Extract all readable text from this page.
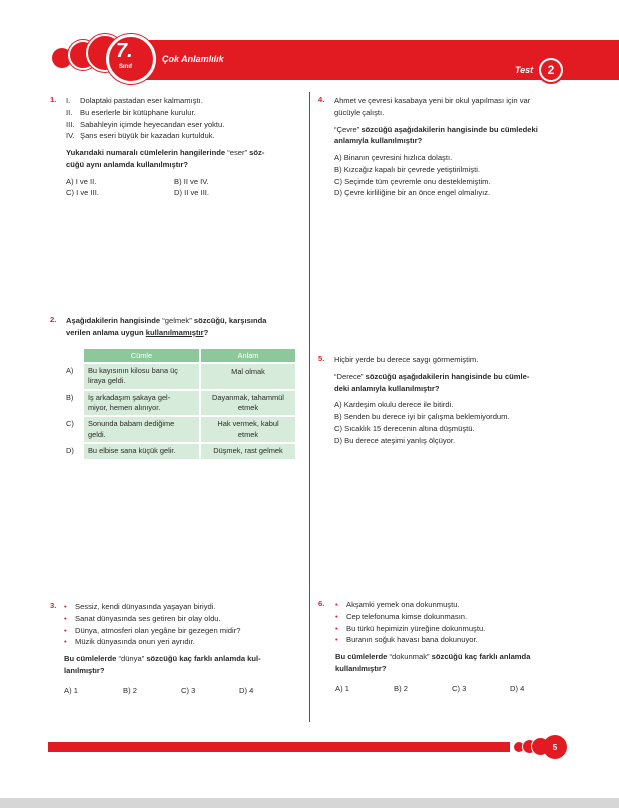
7.
Sınıf
Çok Anlamlılık
Test	2
1. I. Dolaptaki pastadan eser kalmamıştı.
II. Bu eserlerle bir kütüphane kurulur.
III. Sabahleyin içimde heyecandan eser yoktu.
IV. Şans eseri büyük bir kazadan kurtulduk.
Yukarıdaki numaralı cümlelerin hangilerinde “eser” söz-
cüğü aynı anlamda kullanılmıştır?
A) I ve II.	B) II ve IV.
C) I ve III.	D) II ve III.
2. Aşağıdakilerin hangisinde “gelmek” sözcüğü, karşısında
verilen anlama uygun kullanılmamıştır?
	Cümle	Anlam
A)	Bu kayısının kilosu bana üç
liraya geldi.	Mal olmak

B)	İş arkadaşım şakaya gel-
miyor, hemen alınıyor.	Dayanmak, tahammül
etmek

C)	Sonunda babam dediğime
geldi.	Hak vermek, kabul
etmek

D)	Bu elbise sana küçük gelir.	Düşmek, rast gelmek
3. • Sessiz, kendi dünyasında yaşayan biriydi.
• Sanat dünyasında ses getiren bir olay oldu.
• Dünya, atmosferi olan yegâne bir gezegen midir?
• Müzik dünyasında onun yeri ayrıdır.
Bu cümlelerde “dünya” sözcüğü kaç farklı anlamda kul-
lanılmıştır?
A) 1	B) 2	C) 3	D) 4
4. Ahmet ve çevresi kasabaya yeni bir okul yapılması için var
gücüyle çalıştı.
“Çevre” sözcüğü aşağıdakilerin hangisinde bu cümledeki
anlamıyla kullanılmıştır?
A) Binanın çevresini hızlıca dolaştı.
B) Kızcağız kapalı bir çevrede yetiştirilmişti.
C) Seçimde tüm çevremle onu desteklemiştim.
D) Çevre kirliliğine bir an önce engel olmalıyız.
5. Hiçbir yerde bu derece saygı görmemiştim.
“Derece” sözcüğü aşağıdakilerin hangisinde bu cümle-
deki anlamıyla kullanılmıştır?
A) Kardeşim okulu derece ile bitirdi.
B) Senden bu derece iyi bir çalışma beklemiyordum.
C) Sıcaklık 15 derecenin altına düşmüştü.
D) Bu derece ateşimi yanlış ölçüyor.
6. • Akşamki yemek ona dokunmuştu.
• Cep telefonuma kimse dokunmasın.
• Bu türkü hepimizin yüreğine dokunmuştu.
• Buranın soğuk havası bana dokunuyor.
Bu cümlelerde “dokunmak” sözcüğü kaç farklı anlamda
kullanılmıştır?
A) 1	B) 2	C) 3	D) 4
5
